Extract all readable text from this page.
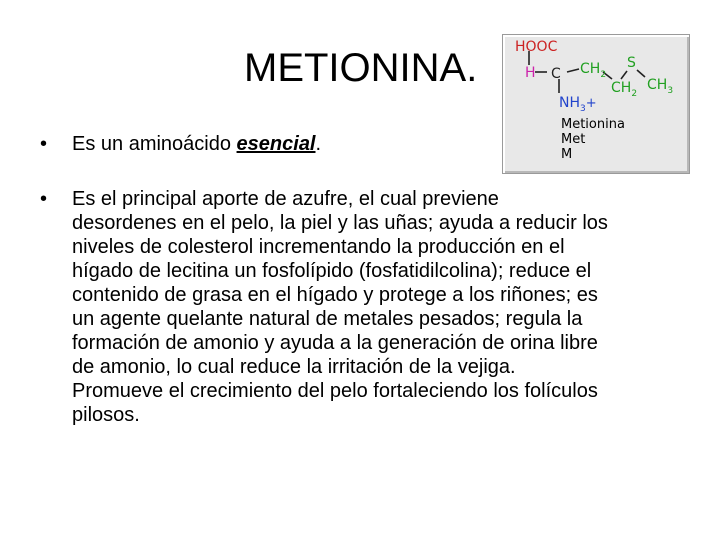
METIONINA.
• Es un aminoácido esencial.
• Es el principal aporte de azufre, el cual previene
desordenes en el pelo, la piel y las uñas; ayuda a reducir los
niveles de colesterol incrementando la producción en el
hígado de lecitina un fosfolípido (fosfatidilcolina); reduce el
contenido de grasa en el hígado y protege a los riñones; es
un agente quelante natural de metales pesados; regula la
formación de amonio y ayuda a la generación de orina libre
de amonio, lo cual reduce la irritación de la vejiga.
Promueve el crecimiento del pelo fortaleciendo los folículos
pilosos.
HOOC
H C $CH_2$
$CH_2$
S
$CH_3$
$NH_3+$
Metionina
Met
M
